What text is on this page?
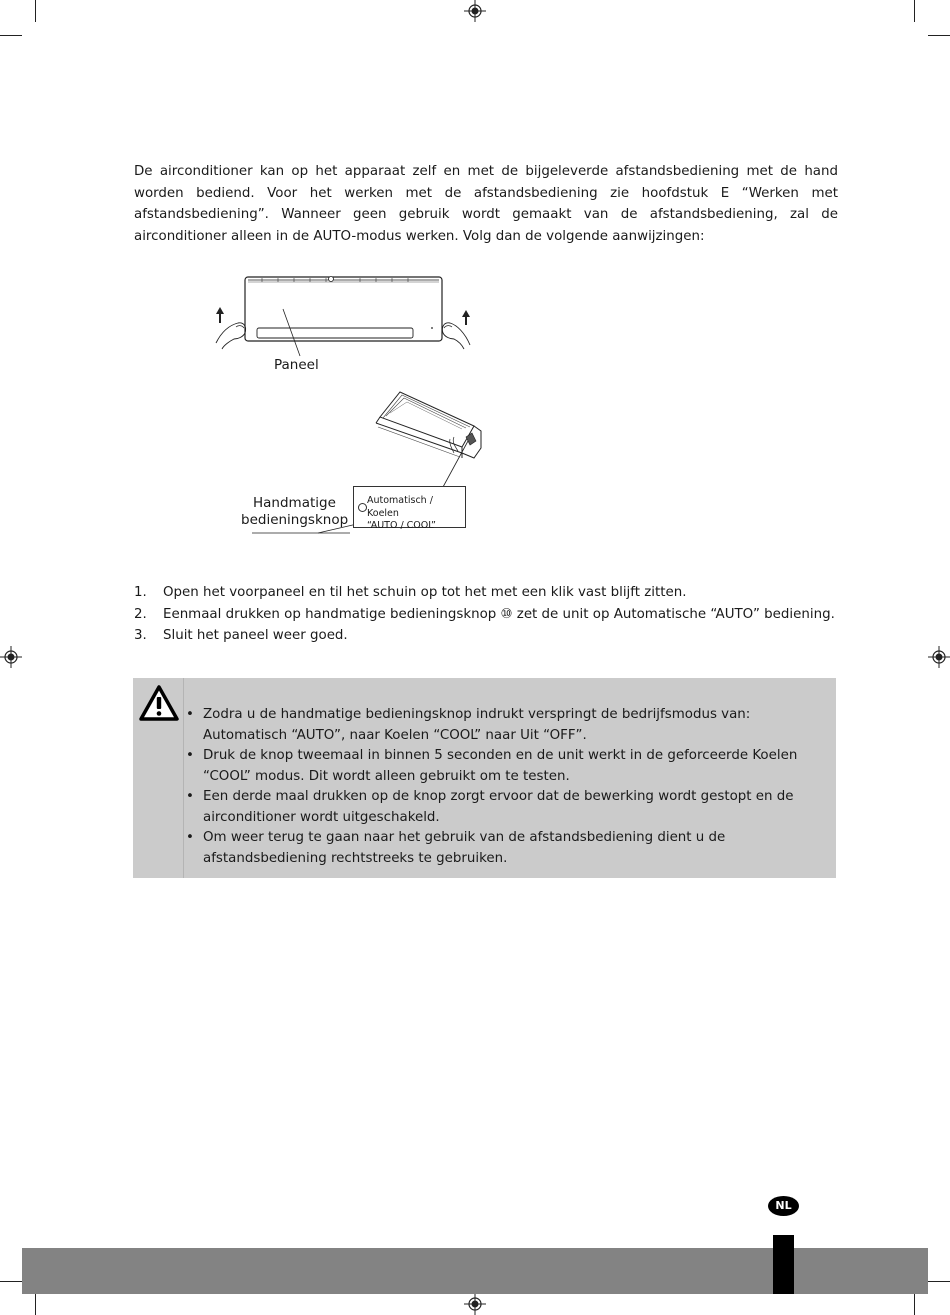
De airconditioner kan op het apparaat zelf en met de bijgeleverde afstandsbediening met de hand worden bediend. Voor het werken met de afstandsbediening zie hoofdstuk E “Werken met afstandsbediening”. Wanneer geen gebruik wordt gemaakt van de afstandsbediening, zal de airconditioner alleen in de AUTO-modus werken. Volg dan de volgende aanwijzingen:

Paneel
Handmatige
bedieningsknop
Automatisch / Koelen
“AUTO / COOL”
1. Open het voorpaneel en til het schuin op tot het met een klik vast blijft zitten.
2. Eenmaal drukken op handmatige bedieningsknop ⑩ zet de unit op Automatische “AUTO” bediening.
3. Sluit het paneel weer goed.
• Zodra u de handmatige bedieningsknop indrukt verspringt de bedrijfsmodus van: Automatisch “AUTO”, naar Koelen “COOL” naar Uit “OFF”.
• Druk de knop tweemaal in binnen 5 seconden en de unit werkt in de geforceerde Koelen “COOL” modus. Dit wordt alleen gebruikt om te testen.
• Een derde maal drukken op de knop zorgt ervoor dat de bewerking wordt gestopt en de airconditioner wordt uitgeschakeld.
• Om weer terug te gaan naar het gebruik van de afstandsbediening dient u de afstandsbediening rechtstreeks te gebruiken.
NL
